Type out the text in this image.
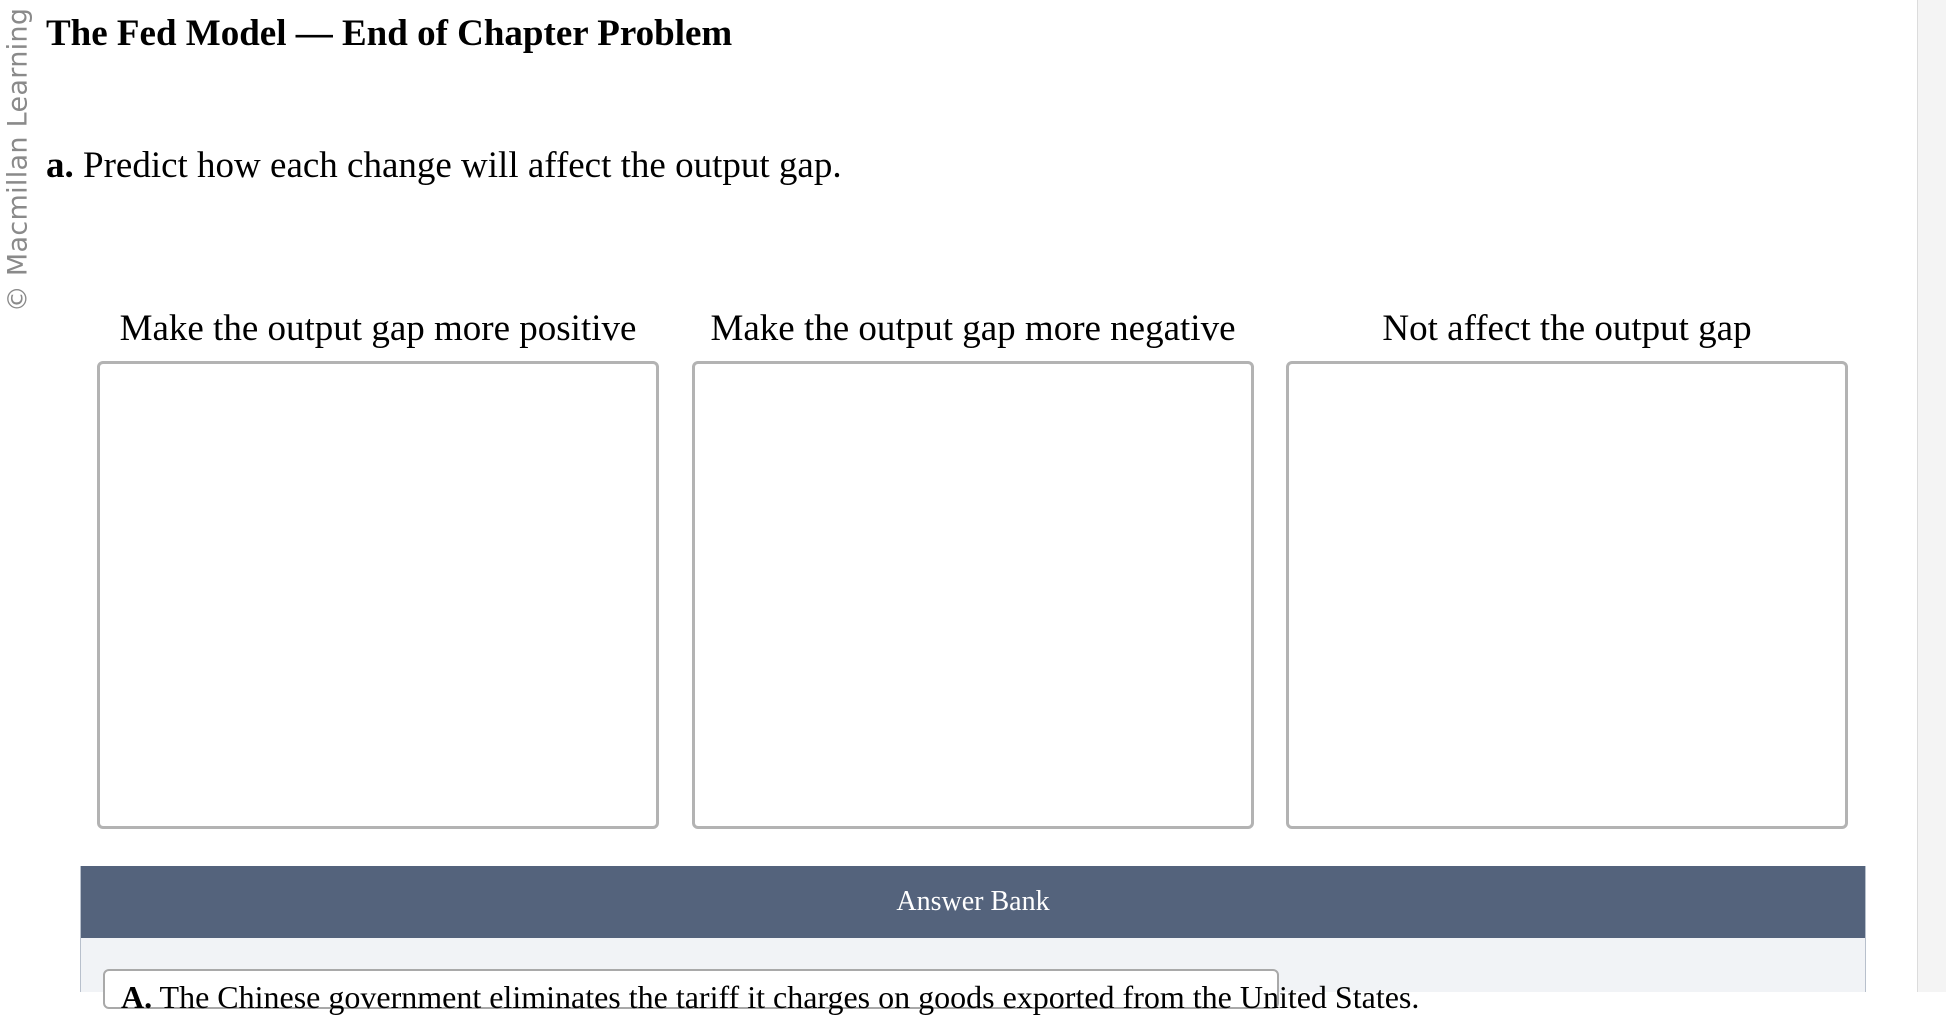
© Macmillan Learning The Fed Model — End of Chapter Problem

a. Predict how each change will affect the output gap.

Make the output gap more positive	Make the output gap more negative	Not affect the output gap
Answer Bank
A. The Chinese government eliminates the tariff it charges on goods exported from the United States.
